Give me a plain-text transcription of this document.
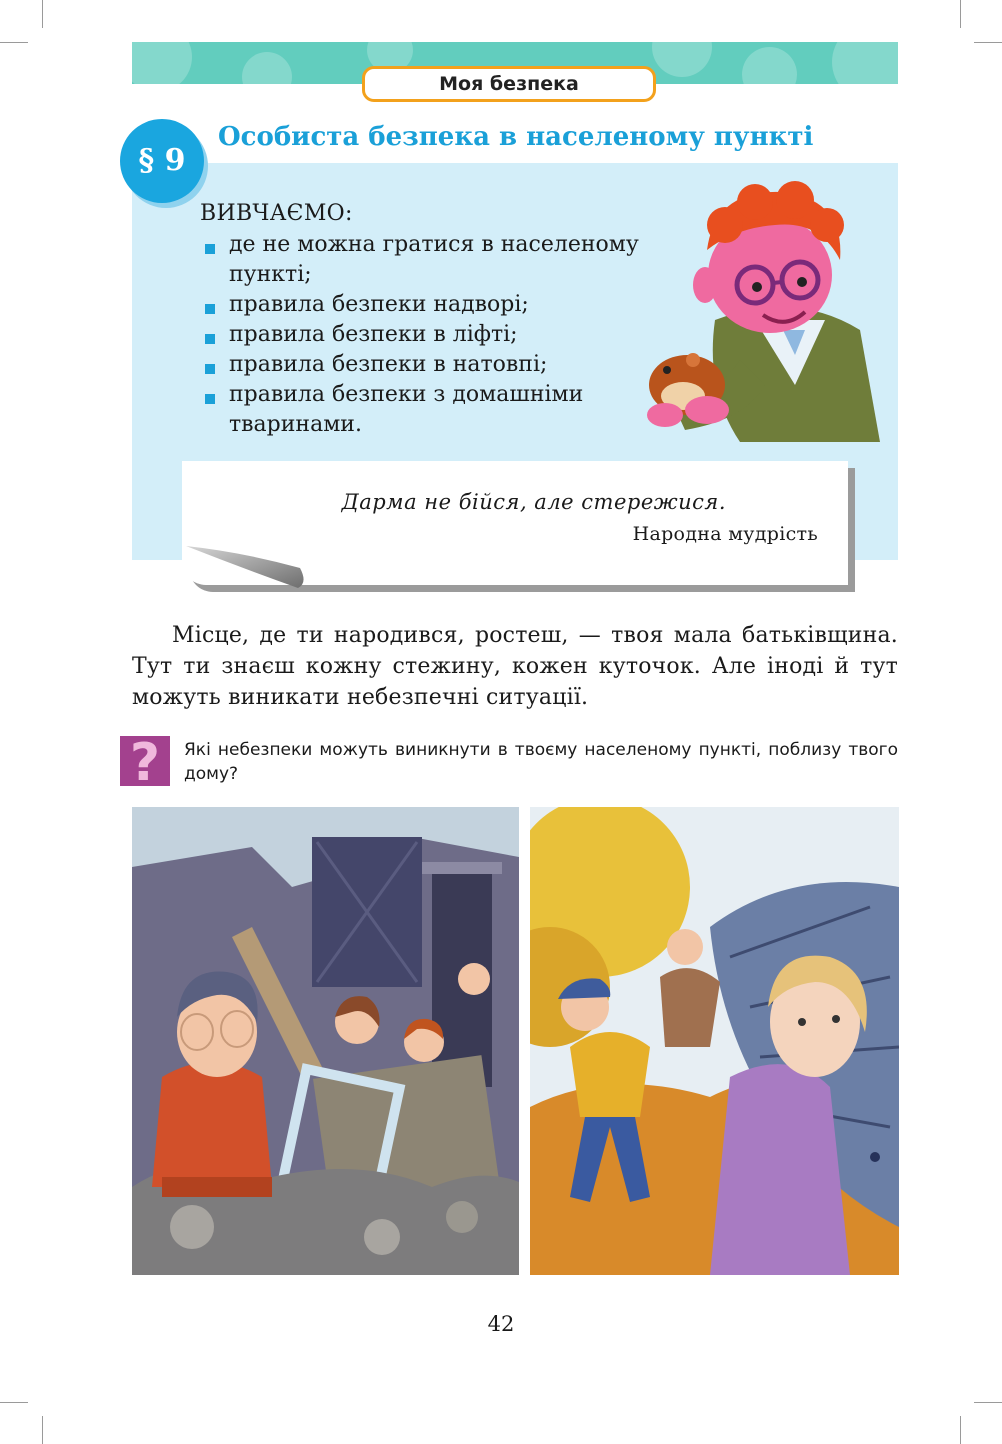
Моя безпека
§ 9
Особиста безпека в населеному пункті
ВИВЧАЄМО:
де не можна гратися в населеному пункті;
правила безпеки надворі;
правила безпеки в ліфті;
правила безпеки в натовпі;
правила безпеки з домашніми тваринами.
Дарма не бійся, але стережися.
Народна мудрість
Місце, де ти народився, ростеш, — твоя мала батьківщина. Тут ти знаєш кожну стежину, кожен куточок. Але іноді й тут можуть виникати небезпечні ситуації.
?	Які небезпеки можуть виникнути в твоєму населеному пункті, поблизу твого дому?
42
